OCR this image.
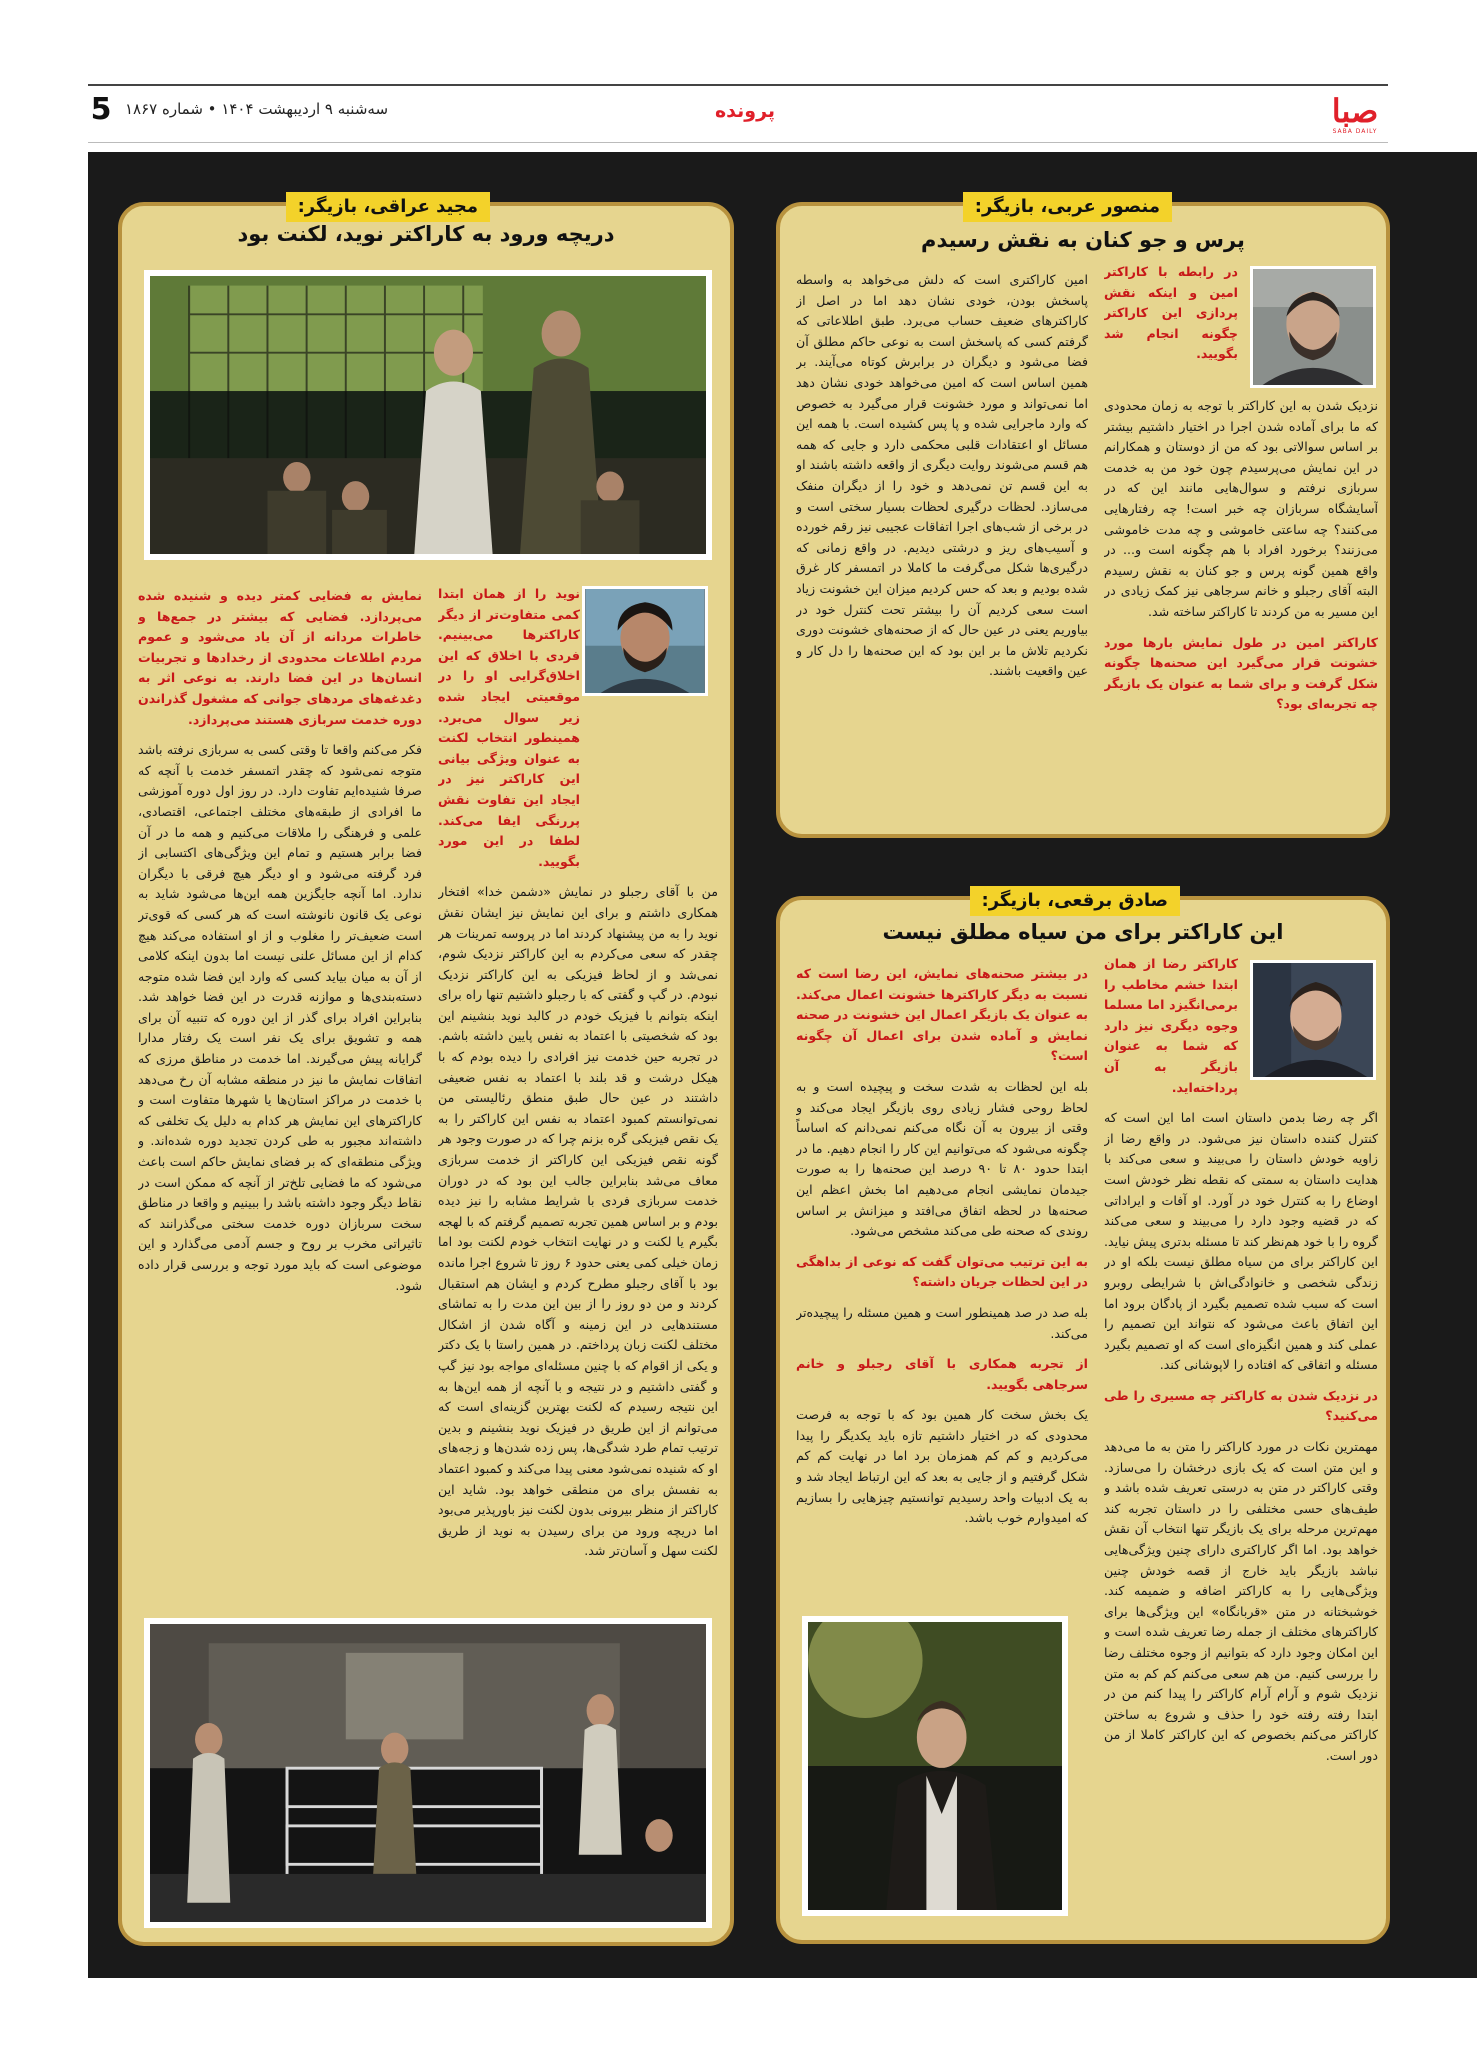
صبا
SABA DAILY
پرونده
سه‌شنبه ۹ اردیبهشت ۱۴۰۴ • شماره ۱۸۶۷
5
منصور عربی، بازیگر:
پرس و جو کنان به نقش رسیدم

در رابطه با کاراکتر امین و اینکه نقش پردازی این کاراکتر چگونه انجام شد بگویید.

نزدیک شدن به این کاراکتر با توجه به زمان محدودی که ما برای آماده شدن اجرا در اختیار داشتیم بیشتر بر اساس سوالاتی بود که من از دوستان و همکارانم در این نمایش می‌پرسیدم چون خود من به خدمت سربازی نرفتم و سوال‌هایی مانند این که در آسایشگاه سربازان چه خبر است! چه رفتارهایی می‌کنند؟ چه ساعتی خاموشی و چه مدت خاموشی می‌زنند؟ برخورد افراد با هم چگونه است و... در واقع همین گونه پرس و جو کنان به نقش رسیدم البته آقای رجبلو و خانم سرجاهی نیز کمک زیادی در این مسیر به من کردند تا کاراکتر ساخته شد.

کاراکتر امین در طول نمایش بارها مورد خشونت قرار می‌گیرد این صحنه‌ها چگونه شکل گرفت و برای شما به عنوان یک بازیگر چه تجربه‌ای بود؟

امین کاراکتری است که دلش می‌خواهد به واسطه پاسخش بودن، خودی نشان دهد اما در اصل از کاراکترهای ضعیف حساب می‌برد. طبق اطلاعاتی که گرفتم کسی که پاسخش است به نوعی حاکم مطلق آن فضا می‌شود و دیگران در برابرش کوتاه می‌آیند. بر همین اساس است که امین می‌خواهد خودی نشان دهد اما نمی‌تواند و مورد خشونت قرار می‌گیرد به خصوص که وارد ماجرایی شده و پا پس کشیده است. با همه این مسائل او اعتقادات قلبی محکمی دارد و جایی که همه هم قسم می‌شوند روایت دیگری از واقعه داشته باشند او به این قسم تن نمی‌دهد و خود را از دیگران منفک می‌سازد. لحظات درگیری لحظات بسیار سختی است و در برخی از شب‌های اجرا اتفاقات عجیبی نیز رقم خورده و آسیب‌های ریز و درشتی دیدیم. در واقع زمانی که درگیری‌ها شکل می‌گرفت ما کاملا در اتمسفر کار غرق شده بودیم و بعد که حس کردیم میزان این خشونت زیاد است سعی کردیم آن را بیشتر تحت کنترل خود در بیاوریم یعنی در عین حال که از صحنه‌های خشونت دوری نکردیم تلاش ما بر این بود که این صحنه‌ها را دل کار و عین واقعیت باشند.

صادق برقعی، بازیگر:
این کاراکتر برای من سیاه مطلق نیست

کاراکتر رضا از همان ابتدا خشم مخاطب را برمی‌انگیزد اما مسلما وجوه دیگری نیز دارد که شما به عنوان بازیگر به آن پرداخته‌اید.

اگر چه رضا بدمن داستان است اما این است که کنترل کننده داستان نیز می‌شود. در واقع رضا از زاویه خودش داستان را می‌بیند و سعی می‌کند با هدایت داستان به سمتی که نقطه نظر خودش است اوضاع را به کنترل خود در آورد. او آفات و ایراداتی که در قضیه وجود دارد را می‌بیند و سعی می‌کند گروه را با خود هم‌نظر کند تا مسئله بدتری پیش نیاید. این کاراکتر برای من سیاه مطلق نیست بلکه او در زندگی شخصی و خانوادگی‌اش با شرایطی روبرو است که سبب شده تصمیم بگیرد از پادگان برود اما این اتفاق باعث می‌شود که نتواند این تصمیم را عملی کند و همین انگیزه‌ای است که او تصمیم بگیرد مسئله و اتفاقی که افتاده را لاپوشانی کند.

در نزدیک شدن به کاراکتر چه مسیری را طی می‌کنید؟

مهمترین نکات در مورد کاراکتر را متن به ما می‌دهد و این متن است که یک بازی درخشان را می‌سازد. وقتی کاراکتر در متن به درستی تعریف شده باشد و طیف‌های حسی مختلفی را در داستان تجربه کند مهم‌ترین مرحله برای یک بازیگر تنها انتخاب آن نقش خواهد بود. اما اگر کاراکتری دارای چنین ویژگی‌هایی نباشد بازیگر باید خارج از قصه خودش چنین ویژگی‌هایی را به کاراکتر اضافه و ضمیمه کند. خوشبختانه در متن «قربانگاه» این ویژگی‌ها برای کاراکترهای مختلف از جمله رضا تعریف شده است و این امکان وجود دارد که بتوانیم از وجوه مختلف رضا را بررسی کنیم. من هم سعی می‌کنم کم کم به متن نزدیک شوم و آرام آرام کاراکتر را پیدا کنم من در ابتدا رفته رفته خود را حذف و شروع به ساختن کاراکتر می‌کنم بخصوص که این کاراکتر کاملا از من دور است.

در بیشتر صحنه‌های نمایش، این رضا است که نسبت به دیگر کاراکترها خشونت اعمال می‌کند. به عنوان یک بازیگر اعمال این خشونت در صحنه نمایش و آماده شدن برای اعمال آن چگونه است؟

بله این لحظات به شدت سخت و پیچیده است و به لحاظ روحی فشار زیادی روی بازیگر ایجاد می‌کند و وقتی از بیرون به آن نگاه می‌کنم نمی‌دانم که اساساً چگونه می‌شود که می‌توانیم این کار را انجام دهیم. ما در ابتدا حدود ۸۰ تا ۹۰ درصد این صحنه‌ها را به صورت جیدمان نمایشی انجام می‌دهیم اما بخش اعظم این صحنه‌ها در لحظه اتفاق می‌افتد و میزانش بر اساس روندی که صحنه طی می‌کند مشخص می‌شود.

به این ترتیب می‌توان گفت که نوعی از بداهگی در این لحظات جریان داشته؟

بله صد در صد همینطور است و همین مسئله را پیچیده‌تر می‌کند.

از تجربه همکاری با آقای رجبلو و خانم سرجاهی بگویید.

یک بخش سخت کار همین بود که با توجه به فرصت محدودی که در اختیار داشتیم تازه باید یکدیگر را پیدا می‌کردیم و کم کم همزمان برد اما در نهایت کم کم شکل گرفتیم و از جایی به بعد که این ارتباط ایجاد شد و به یک ادبیات واحد رسیدیم توانستیم چیزهایی را بسازیم که امیدوارم خوب باشد.

مجید عراقی، بازیگر:
دریچه ورود به کاراکتر نوید، لکنت بود

نوید را از همان ابتدا کمی متفاوت‌تر از دیگر کاراکترها می‌بینیم. فردی با اخلاق که این اخلاق‌گرایی او را در موقعیتی ایجاد شده زیر سوال می‌برد. همینطور انتخاب لکنت به عنوان ویژگی بیانی این کاراکتر نیز در ایجاد این تفاوت نقش پررنگی ایفا می‌کند. لطفا در این مورد بگویید.

من با آقای رجبلو در نمایش «دشمن خدا» افتخار همکاری داشتم و برای این نمایش نیز ایشان نقش نوید را به من پیشنهاد کردند اما در پروسه تمرینات هر چقدر که سعی می‌کردم به این کاراکتر نزدیک شوم، نمی‌شد و از لحاظ فیزیکی به این کاراکتر نزدیک نبودم. در گپ و گفتی که با رجبلو داشتیم تنها راه برای اینکه بتوانم با فیزیک خودم در کالبد نوید بنشینم این بود که شخصیتی با اعتماد به نفس پایین داشته باشم. در تجربه حین خدمت نیز افرادی را دیده بودم که با هیکل درشت و قد بلند با اعتماد به نفس ضعیفی داشتند در عین حال طبق منطق رئالیستی من نمی‌توانستم کمبود اعتماد به نفس این کاراکتر را به یک نقص فیزیکی گره بزنم چرا که در صورت وجود هر گونه نقص فیزیکی این کاراکتر از خدمت سربازی معاف می‌شد بنابراین جالب این بود که در دوران خدمت سربازی فردی با شرایط مشابه را نیز دیده بودم و بر اساس همین تجربه تصمیم گرفتم که با لهجه بگیرم یا لکنت و در نهایت انتخاب خودم لکنت بود اما زمان خیلی کمی یعنی حدود ۶ روز تا شروع اجرا مانده بود با آقای رجبلو مطرح کردم و ایشان هم استقبال کردند و من دو روز را از بین این مدت را به تماشای مستندهایی در این زمینه و آگاه شدن از اشکال مختلف لکنت زبان پرداختم. در همین راستا با یک دکتر و یکی از اقوام که با چنین مسئله‌ای مواجه بود نیز گپ و گفتی داشتیم و در نتیجه و با آنچه از همه این‌ها به این نتیجه رسیدم که لکنت بهترین گزینه‌ای است که می‌توانم از این طریق در فیزیک نوید بنشینم و بدین ترتیب تمام طرد شدگی‌ها، پس زده شدن‌ها و زجه‌های او که شنیده نمی‌شود معنی پیدا می‌کند و کمبود اعتماد به نفسش برای من منطقی خواهد بود. شاید این کاراکتر از منظر بیرونی بدون لکنت نیز باورپذیر می‌بود اما دریچه ورود من برای رسیدن به نوید از طریق لکنت سهل و آسان‌تر شد.

نمایش به فضایی کمتر دیده و شنیده شده می‌پردازد. فضایی که بیشتر در جمع‌ها و خاطرات مردانه از آن یاد می‌شود و عموم مردم اطلاعات محدودی از رخدادها و تجربیات انسان‌ها در این فضا دارند. به نوعی اثر به دغدغه‌های مردهای جوانی که مشغول گذراندن دوره خدمت سربازی هستند می‌پردازد.

فکر می‌کنم واقعا تا وقتی کسی به سربازی نرفته باشد متوجه نمی‌شود که چقدر اتمسفر خدمت با آنچه که صرفا شنیده‌ایم تفاوت دارد. در روز اول دوره آموزشی ما افرادی از طبقه‌های مختلف اجتماعی، اقتصادی، علمی و فرهنگی را ملاقات می‌کنیم و همه ما در آن فضا برابر هستیم و تمام این ویژگی‌های اکتسابی از فرد گرفته می‌شود و او دیگر هیچ فرقی با دیگران ندارد. اما آنچه جایگزین همه این‌ها می‌شود شاید به نوعی یک قانون نانوشته است که هر کسی که قوی‌تر است ضعیف‌تر را مغلوب و از او استفاده می‌کند هیچ کدام از این مسائل علنی نیست اما بدون اینکه کلامی از آن به میان بیاید کسی که وارد این فضا شده متوجه دسته‌بندی‌ها و موازنه قدرت در این فضا خواهد شد. بنابراین افراد برای گذر از این دوره که تنبیه آن برای همه و تشویق برای یک نفر است یک رفتار مدارا گرایانه پیش می‌گیرند. اما خدمت در مناطق مرزی که اتفاقات نمایش ما نیز در منطقه مشابه آن رخ می‌دهد با خدمت در مراکز استان‌ها یا شهرها متفاوت است و کاراکترهای این نمایش هر کدام به دلیل یک تخلفی که داشته‌اند مجبور به طی کردن تجدید دوره شده‌اند. و ویژگی منطقه‌ای که بر فضای نمایش حاکم است باعث می‌شود که ما فضایی تلخ‌تر از آنچه که ممکن است در نقاط دیگر وجود داشته باشد را ببینیم و واقعا در مناطق سخت سربازان دوره خدمت سختی می‌گذرانند که تاثیراتی مخرب بر روح و جسم آدمی می‌گذارد و این موضوعی است که باید مورد توجه و بررسی قرار داده شود.
